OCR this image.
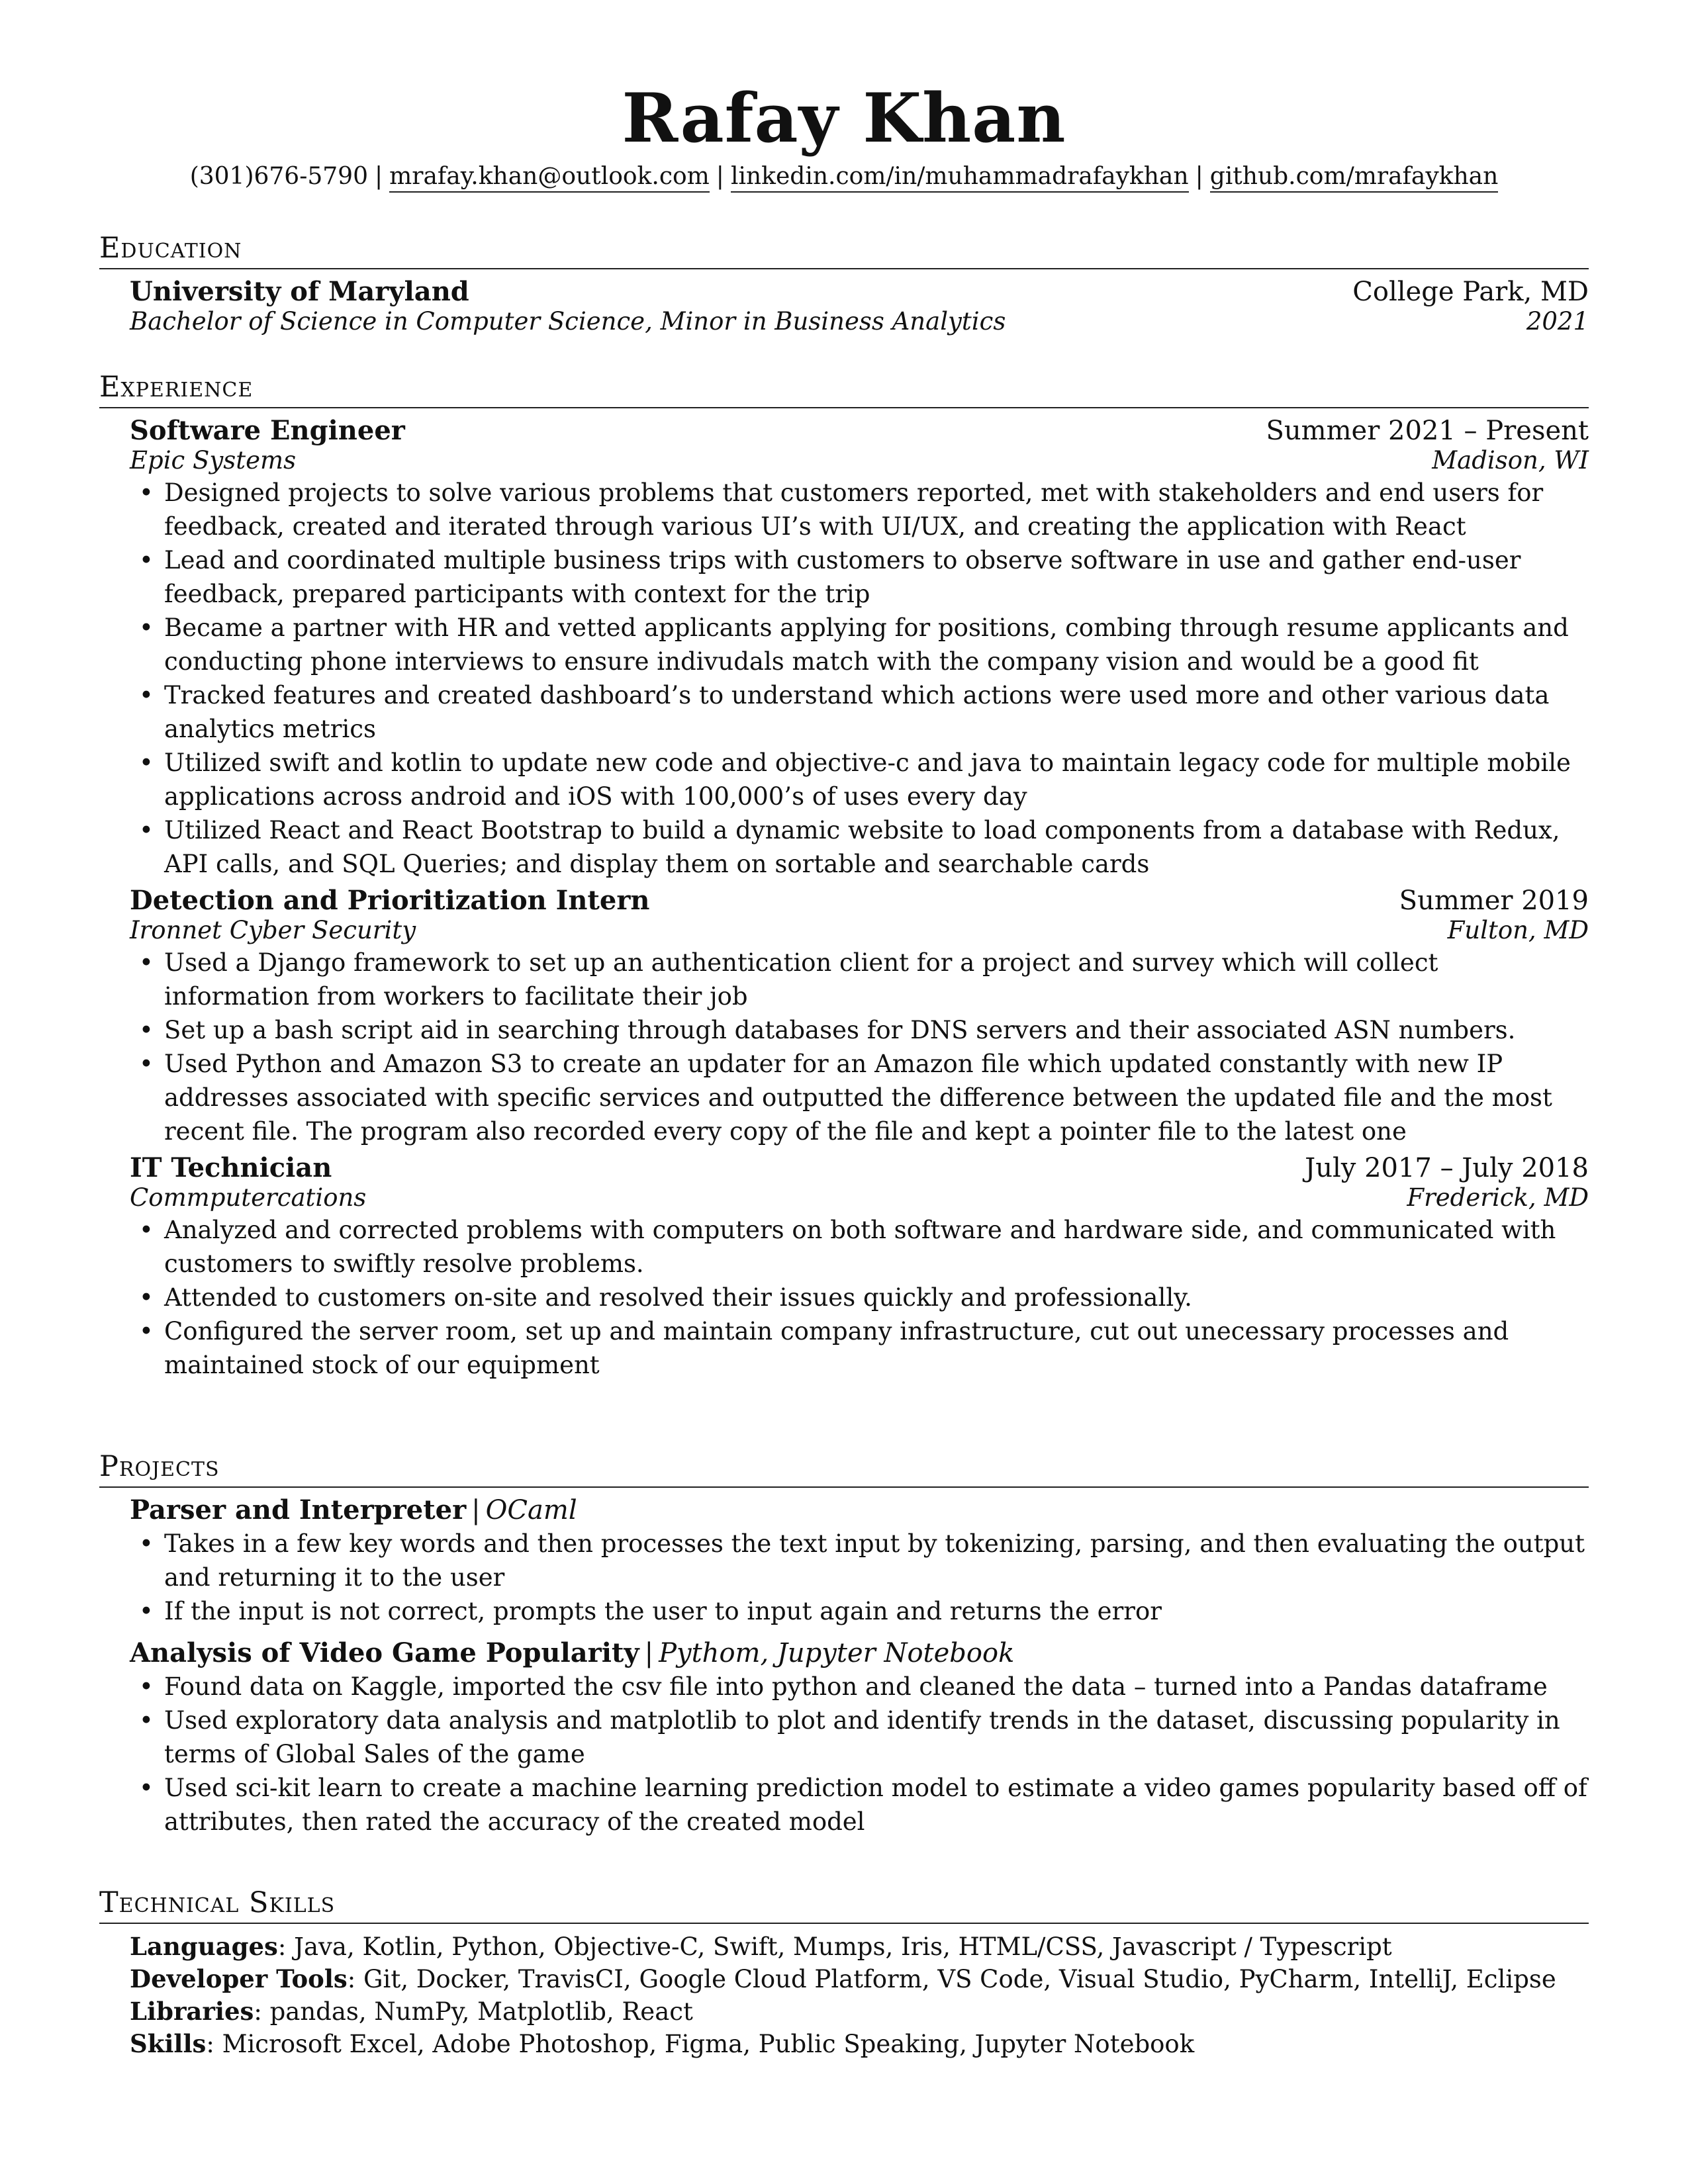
Rafay Khan
(301)676-5790 | mrafay.khan@outlook.com | linkedin.com/in/muhammadrafaykhan | github.com/mrafaykhan
Education
University of Maryland	College Park, MD
Bachelor of Science in Computer Science, Minor in Business Analytics	2021
Experience
Software Engineer	Summer 2021 – Present
Epic Systems	Madison, WI
• Designed projects to solve various problems that customers reported, met with stakeholders and end users for feedback, created and iterated through various UI’s with UI/UX, and creating the application with React
• Lead and coordinated multiple business trips with customers to observe software in use and gather end-user feedback, prepared participants with context for the trip
• Became a partner with HR and vetted applicants applying for positions, combing through resume applicants and conducting phone interviews to ensure indivudals match with the company vision and would be a good fit
• Tracked features and created dashboard’s to understand which actions were used more and other various data analytics metrics
• Utilized swift and kotlin to update new code and objective-c and java to maintain legacy code for multiple mobile applications across android and iOS with 100,000’s of uses every day
• Utilized React and React Bootstrap to build a dynamic website to load components from a database with Redux, API calls, and SQL Queries; and display them on sortable and searchable cards
Detection and Prioritization Intern	Summer 2019
Ironnet Cyber Security	Fulton, MD
• Used a Django framework to set up an authentication client for a project and survey which will collect information from workers to facilitate their job
• Set up a bash script aid in searching through databases for DNS servers and their associated ASN numbers.
• Used Python and Amazon S3 to create an updater for an Amazon file which updated constantly with new IP addresses associated with specific services and outputted the difference between the updated file and the most recent file. The program also recorded every copy of the file and kept a pointer file to the latest one
IT Technician	July 2017 – July 2018
Commputercations	Frederick, MD
• Analyzed and corrected problems with computers on both software and hardware side, and communicated with customers to swiftly resolve problems.
• Attended to customers on-site and resolved their issues quickly and professionally.
• Configured the server room, set up and maintain company infrastructure, cut out unecessary processes and maintained stock of our equipment
Projects
Parser and Interpreter | OCaml
• Takes in a few key words and then processes the text input by tokenizing, parsing, and then evaluating the output and returning it to the user
• If the input is not correct, prompts the user to input again and returns the error
Analysis of Video Game Popularity | Pythom, Jupyter Notebook
• Found data on Kaggle, imported the csv file into python and cleaned the data – turned into a Pandas dataframe
• Used exploratory data analysis and matplotlib to plot and identify trends in the dataset, discussing popularity in terms of Global Sales of the game
• Used sci-kit learn to create a machine learning prediction model to estimate a video games popularity based off of attributes, then rated the accuracy of the created model
Technical Skills
Languages: Java, Kotlin, Python, Objective-C, Swift, Mumps, Iris, HTML/CSS, Javascript / Typescript
Developer Tools: Git, Docker, TravisCI, Google Cloud Platform, VS Code, Visual Studio, PyCharm, IntelliJ, Eclipse
Libraries: pandas, NumPy, Matplotlib, React
Skills: Microsoft Excel, Adobe Photoshop, Figma, Public Speaking, Jupyter Notebook
